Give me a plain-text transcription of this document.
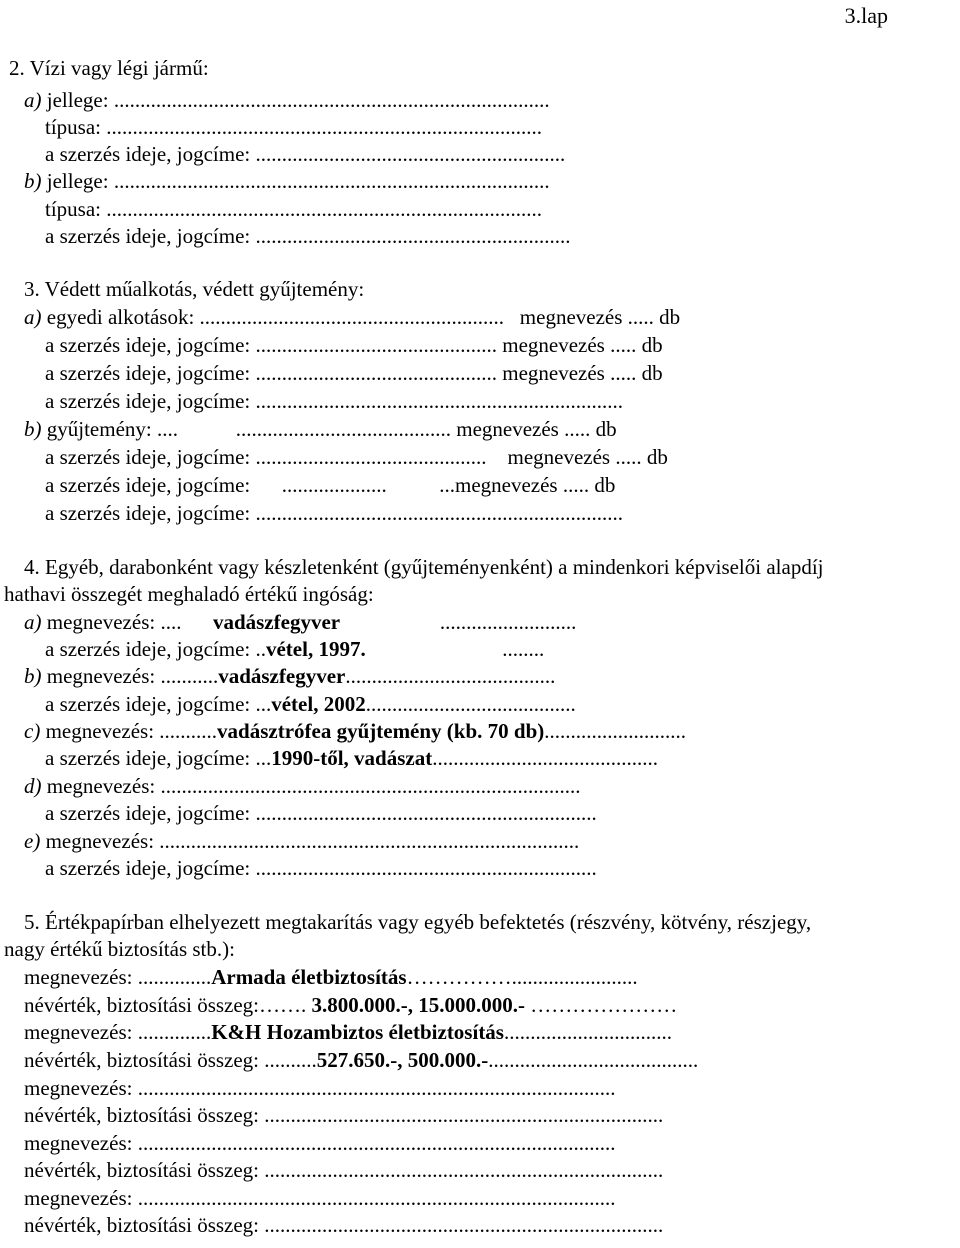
3.lap
2. Vízi vagy légi jármű:
a) jellege: ...................................................................................
típusa: ...................................................................................
a szerzés ideje, jogcíme: ...........................................................
b) jellege: ...................................................................................
típusa: ...................................................................................
a szerzés ideje, jogcíme: ............................................................
3. Védett műalkotás, védett gyűjtemény:
a) egyedi alkotások: ..........................................................   megnevezés ..... db
a szerzés ideje, jogcíme: .............................................. megnevezés ..... db
a szerzés ideje, jogcíme: .............................................. megnevezés ..... db
a szerzés ideje, jogcíme: ......................................................................
b) gyűjtemény: ....           ......................................... megnevezés ..... db
a szerzés ideje, jogcíme: ............................................    megnevezés ..... db
a szerzés ideje, jogcíme:      ....................          ...megnevezés ..... db
a szerzés ideje, jogcíme: ......................................................................
4. Egyéb, darabonként vagy készletenként (gyűjteményenként) a mindenkori képviselői alapdíj
hathavi összegét meghaladó értékű ingóság:
a) megnevezés: ....      vadászfegyver                   ..........................
a szerzés ideje, jogcíme: ..vétel, 1997.                          ........
b) megnevezés: ...........vadászfegyver........................................
a szerzés ideje, jogcíme: ...vétel, 2002........................................
c) megnevezés: ...........vadásztrófea gyűjtemény (kb. 70 db)...........................
a szerzés ideje, jogcíme: ...1990-től, vadászat...........................................
d) megnevezés: ................................................................................
a szerzés ideje, jogcíme: .................................................................
e) megnevezés: ................................................................................
a szerzés ideje, jogcíme: .................................................................
5. Értékpapírban elhelyezett megtakarítás vagy egyéb befektetés (részvény, kötvény, részjegy,
nagy értékű biztosítás stb.):
megnevezés: ..............Armada életbiztosítás……………........................
névérték, biztosítási összeg:……. 3.800.000.-, 15.000.000.- …………………
megnevezés: ..............K&H Hozambiztos életbiztosítás................................
névérték, biztosítási összeg: ..........527.650.-, 500.000.-........................................
megnevezés: ...........................................................................................
névérték, biztosítási összeg: ............................................................................
megnevezés: ...........................................................................................
névérték, biztosítási összeg: ............................................................................
megnevezés: ...........................................................................................
névérték, biztosítási összeg: ............................................................................
